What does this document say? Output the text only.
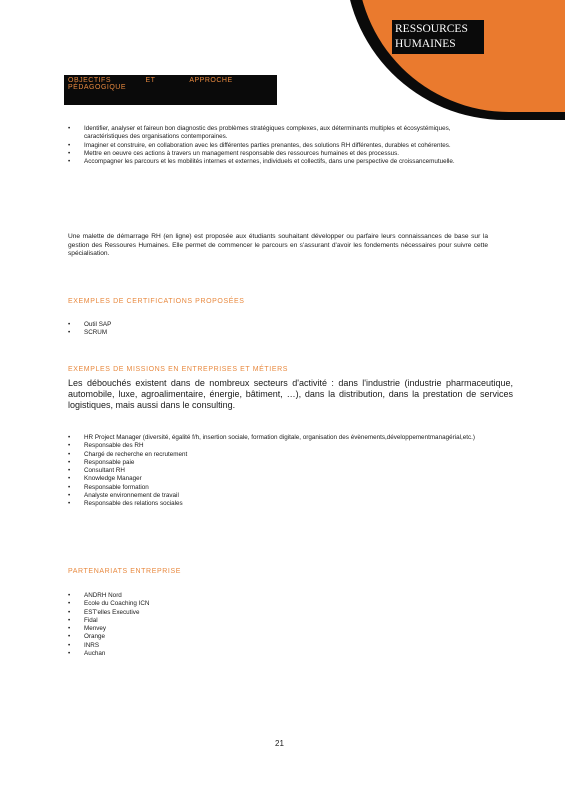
RESSOURCES HUMAINES
OBJECTIFS ET APPROCHE PÉDAGOGIQUE
• Identifier, analyser et faireun bon diagnostic des problèmes stratégiques complexes, aux déterminants multiples et écosystémiques, caractéristiques des organisations contemporaines.
• Imaginer et construire, en collaboration avec les différentes parties prenantes, des solutions RH différentes, durables et cohérentes.
• Mettre en oeuvre ces actions à travers un management responsable des ressources humaines et des processus.
• Accompagner les parcours et les mobilités internes et externes, individuels et collectifs, dans une perspective de croissancemutuelle.
Une malette de démarrage RH (en ligne) est proposée aux étudiants souhaitant développer ou parfaire leurs connaissances de base sur la gestion des Ressoures Humaines. Elle permet de commencer le parcours en s'assurant d'avoir les fondements nécessaires pour suivre cette spécialisation.
EXEMPLES DE CERTIFICATIONS PROPOSÉES
• Outil SAP
• SCRUM
EXEMPLES DE MISSIONS EN ENTREPRISES ET MÉTIERS
Les débouchés existent dans de nombreux secteurs d'activité : dans l'industrie (industrie pharmaceutique, automobile, luxe, agroalimentaire, énergie, bâtiment, …), dans la distribution, dans la prestation de services logistiques, mais aussi dans le consulting.
• HR Project Manager (diversité, égalité f/h, insertion sociale, formation digitale, organisation des évènements,développementmanagérial,etc.)
• Responsable des RH
• Chargé de recherche en recrutement
• Responsable paie
• Consultant RH
• Knowledge Manager
• Responsable formation
• Analyste environnement de travail
• Responsable des relations sociales
PARTENARIATS ENTREPRISE
• ANDRH Nord
• Ecole du Coaching ICN
• EST'elles Executive
• Fidal
• Menvey
• Orange
• INRS
• Auchan
21
